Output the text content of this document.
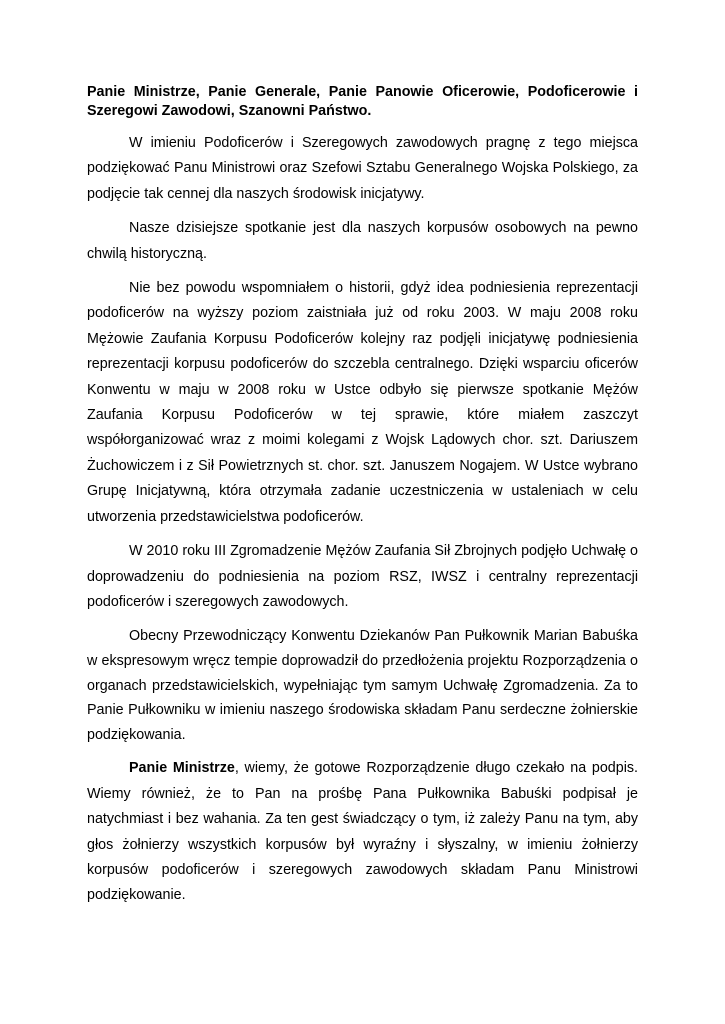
Panie Ministrze, Panie Generale, Panie Panowie Oficerowie, Podoficerowie i Szeregowi Zawodowi, Szanowni Państwo.

W imieniu Podoficerów i Szeregowych zawodowych pragnę z tego miejsca podziękować Panu Ministrowi oraz Szefowi Sztabu Generalnego Wojska Polskiego, za podjęcie tak cennej dla naszych środowisk inicjatywy.

Nasze dzisiejsze spotkanie jest dla naszych korpusów osobowych na pewno chwilą historyczną.

Nie bez powodu wspomniałem o historii, gdyż idea podniesienia reprezentacji podoficerów na wyższy poziom zaistniała już od roku 2003. W maju 2008 roku Mężowie Zaufania Korpusu Podoficerów kolejny raz podjęli inicjatywę podniesienia reprezentacji korpusu podoficerów do szczebla centralnego. Dzięki wsparciu oficerów Konwentu w maju w 2008 roku w Ustce odbyło się pierwsze spotkanie Mężów Zaufania Korpusu Podoficerów w tej sprawie, które miałem zaszczyt współorganizować wraz z moimi kolegami z Wojsk Lądowych chor. szt. Dariuszem Żuchowiczem i z Sił Powietrznych st. chor. szt. Januszem Nogajem. W Ustce wybrano Grupę Inicjatywną, która otrzymała zadanie uczestniczenia w ustaleniach w celu utworzenia przedstawicielstwa podoficerów.

W 2010 roku III Zgromadzenie Mężów Zaufania Sił Zbrojnych podjęło Uchwałę o doprowadzeniu do podniesienia na poziom RSZ, IWSZ i centralny reprezentacji podoficerów i szeregowych zawodowych.

Obecny Przewodniczący Konwentu Dziekanów Pan Pułkownik Marian Babuśka w ekspresowym wręcz tempie doprowadził do przedłożenia projektu Rozporządzenia o organach przedstawicielskich, wypełniając tym samym Uchwałę Zgromadzenia. Za to Panie Pułkowniku w imieniu naszego środowiska składam Panu serdeczne żołnierskie podziękowania.

Panie Ministrze, wiemy, że gotowe Rozporządzenie długo czekało na podpis. Wiemy również, że to Pan na prośbę Pana Pułkownika Babuśki podpisał je natychmiast i bez wahania. Za ten gest świadczący o tym, iż zależy Panu na tym, aby głos żołnierzy wszystkich korpusów był wyraźny i słyszalny, w imieniu żołnierzy korpusów podoficerów i szeregowych zawodowych składam Panu Ministrowi podziękowanie.
